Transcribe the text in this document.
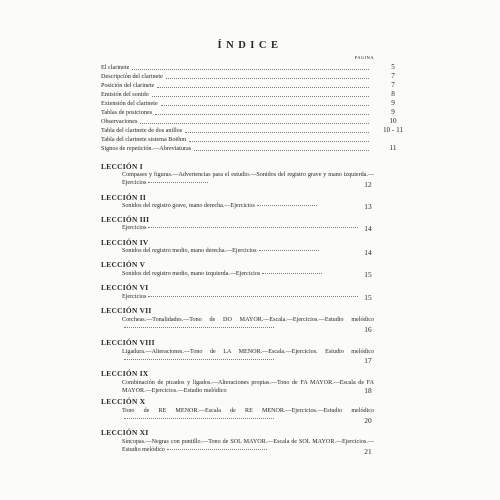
ÍNDICE
PAGINA
El clarinete	5
Descripción del clarinete	7
Posición del clarinete	7
Emisión del sonido	8
Extensión del clarinete	9
Tablas de posiciones	9
Observaciones	10
Tabla del clarinete de dos anillos	10 - 11
Tabla del clarinete sistema Boëhm
Signos de repetición.—Abreviaturas	11
LECCIÓN I
Compases y figuras.—Advertencias para el estudio.—Sonidos del registro grave y mano izquierda.—Ejercicios	12
LECCIÓN II
Sonidos del registro grave, mano derecha.—Ejercicios	13
LECCIÓN III
Ejercicios	14
LECCIÓN IV
Sonidos del registro medio, mano derecha.—Ejercicios	14
LECCIÓN V
Sonidos del registro medio, mano izquierda.—Ejercicios	15
LECCIÓN VI
Ejercicios	15
LECCIÓN VII
Corcheas.—Tonalidades.—Tono de DO MAYOR.—Escala.—Ejercicios.—Estudio melódico
16
LECCIÓN VIII
Ligadura.—Alteraciones.—Tono de LA MENOR.—Escala.—Ejercicios. Estudio melódico
17
LECCIÓN IX
Combinación de picados y ligados.—Alteraciones propias.—Tono de FA MAYOR.—Escala de FA MAYOR.—Ejercicios.—Estudio melódico	18
LECCIÓN X
Tono de RE MENOR.—Escala de RE MENOR.—Ejercicios.—Estudio melódico
20
LECCIÓN XI
Síncopas.—Negras con puntillo.—Tono de SOL MAYOR.—Escala de SOL MAYOR.—Ejercicios.—Estudio melódico	21
